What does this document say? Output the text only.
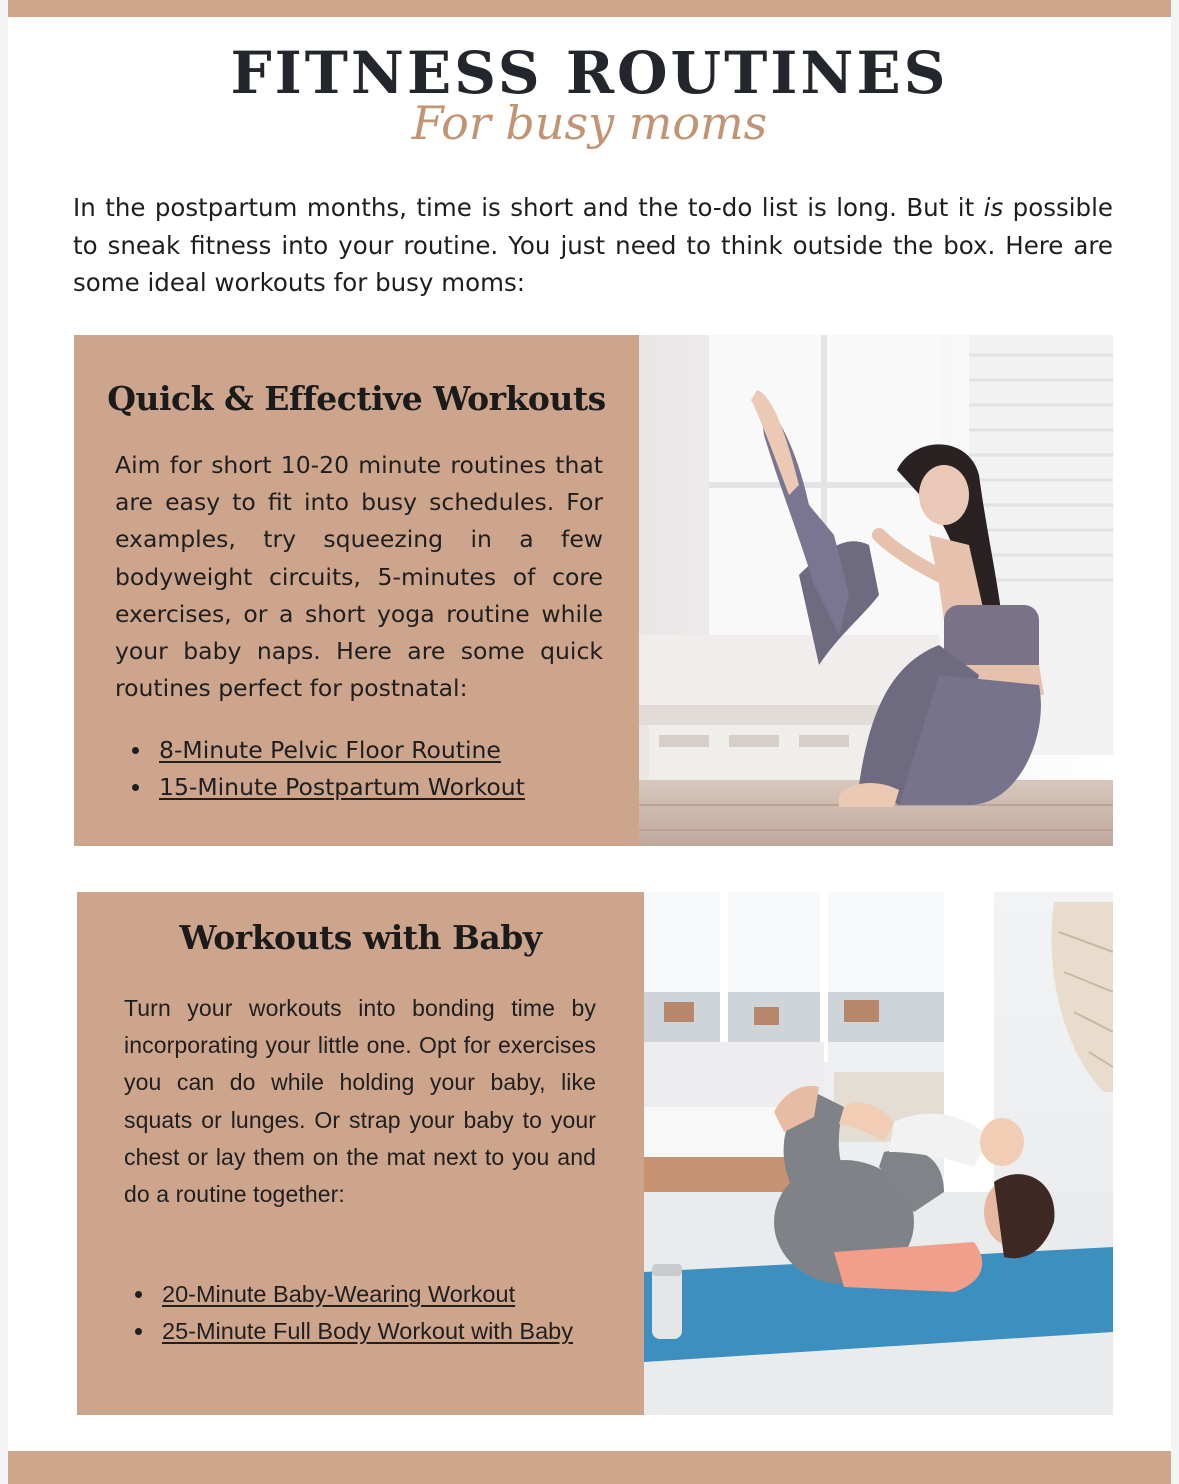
FITNESS ROUTINES
For busy moms

In the postpartum months, time is short and the to-do list is long. But it is possible to sneak fitness into your routine. You just need to think outside the box. Here are some ideal workouts for busy moms:

Quick & Effective Workouts

Aim for short 10-20 minute routines that are easy to fit into busy schedules. For examples, try squeezing in a few bodyweight circuits, 5-minutes of core exercises, or a short yoga routine while your baby naps. Here are some quick routines perfect for postnatal:

8-Minute Pelvic Floor Routine
15-Minute Postpartum Workout
Workouts with Baby

Turn your workouts into bonding time by incorporating your little one. Opt for exercises you can do while holding your baby, like squats or lunges. Or strap your baby to your chest or lay them on the mat next to you and do a routine together:

20-Minute Baby-Wearing Workout
25-Minute Full Body Workout with Baby
